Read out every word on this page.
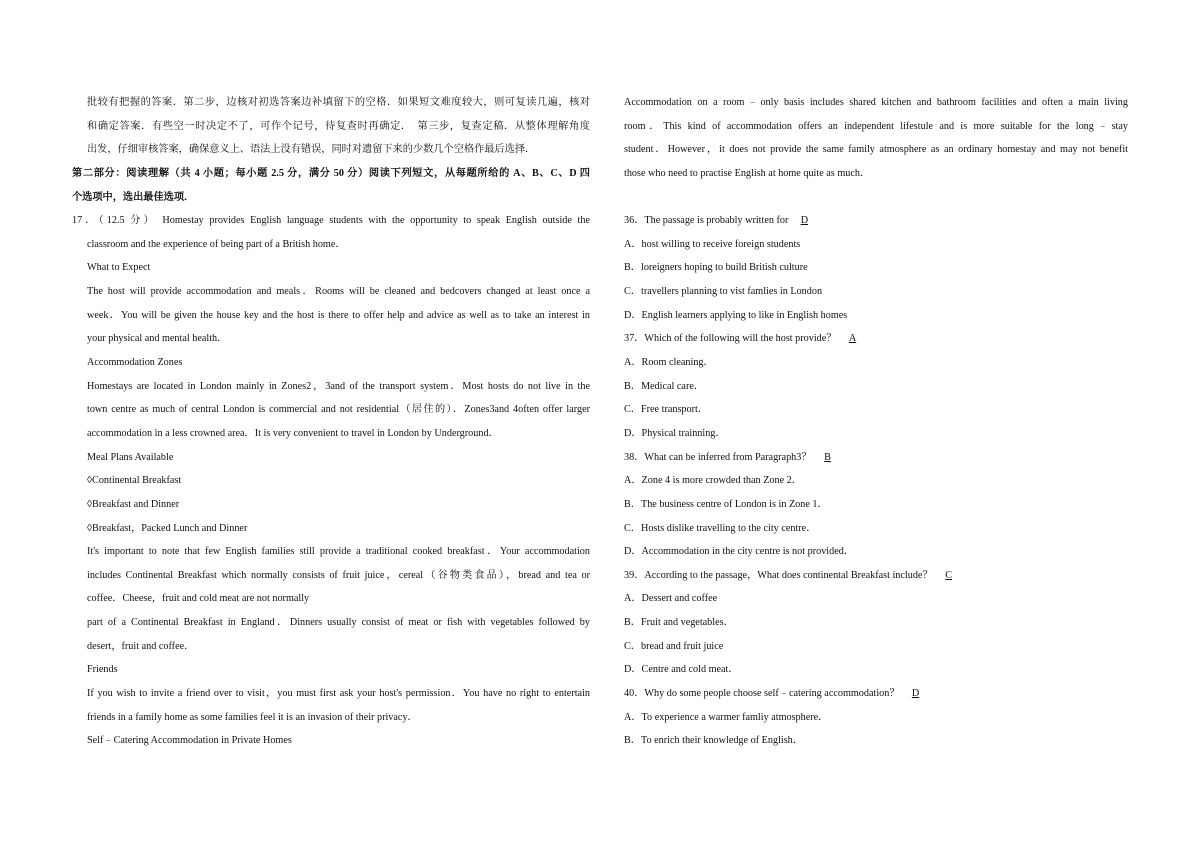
批较有把握的答案．第二步，边核对初选答案边补填留下的空格．如果短文难度较大，则可复读几遍，核对
和确定答案．有些空一时决定不了，可作个记号，待复查时再确定．　第三步，复查定稿．从整体理解角度
出发，仔细审核答案，确保意义上、语法上没有错误，同时对遗留下来的少数几个空格作最后选择．
第二部分：阅读理解（共 4 小题；每小题 2.5 分，满分 50 分）阅读下列短文，从每题所给的 A、B、C、D 四
个选项中，选出最佳选项．
17．（12.5 分） Homestay provides English language students with the opportunity to speak English outside the
classroom and the experience of being part of a British home．
What to Expect
The host will provide accommodation and meals．Rooms will be cleaned and bedcovers changed at least once a
week．You will be given the house key and the host is there to offer help and advice as well as to take an interest in
your physical and mental health．
Accommodation Zones
Homestays are located in London mainly in Zones2，3and of the transport system．Most hosts do not live in the
town centre as much of central London is commercial and not residential（居住的）．Zones3and 4often offer larger
accommodation in a less crowned area．It is very convenient to travel in London by Underground．
Meal Plans Available
◊Continental Breakfast
◊Breakfast and Dinner
◊Breakfast，Packed Lunch and Dinner
It's important to note that few English families still provide a traditional cooked breakfast．Your accommodation
includes Continental Breakfast which normally consists of fruit juice，cereal（谷物类食品），bread and tea or
coffee．Cheese，fruit and cold meat are not normally
part of a Continental Breakfast in England．Dinners usually consist of meat or fish with vegetables followed by
desert，fruit and coffee．
Friends
If you wish to invite a friend over to visit，you must first ask your host's permission．You have no right to entertain
friends in a family home as some families feel it is an invasion of their privacy．
Self﹣Catering Accommodation in Private Homes
Accommodation on a room﹣only basis includes shared kitchen and bathroom facilities and often a main living
room．This kind of accommodation offers an independent lifestule and is more suitable for the long﹣stay
student．However，it does not provide the same family atmosphere as an ordinary homestay and may not benefit
those who need to practise English at home quite as much．
36．The passage is probably written for D
A．host willing to receive foreign students
B．loreigners hoping to build British culture
C．travellers planning to vist famlies in London
D．English learners applying to like in English homes
37．Which of the following will the host provide？ A
A．Room cleaning．
B．Medical care．
C．Free transport．
D．Physical trainning．
38．What can be inferred from Paragraph3？ B
A．Zone 4 is more crowded than Zone 2．
B．The business centre of London is in Zone 1．
C．Hosts dislike travelling to the city centre．
D．Accommodation in the city centre is not provided．
39．According to the passage，What does continental Breakfast include？ C
A．Dessert and coffee
B．Fruit and vegetables．
C．bread and fruit juice
D．Centre and cold meat．
40．Why do some people choose self﹣catering accommodation？ D
A．To experience a warmer famliy atmosphere．
B．To enrich their knowledge of English．
